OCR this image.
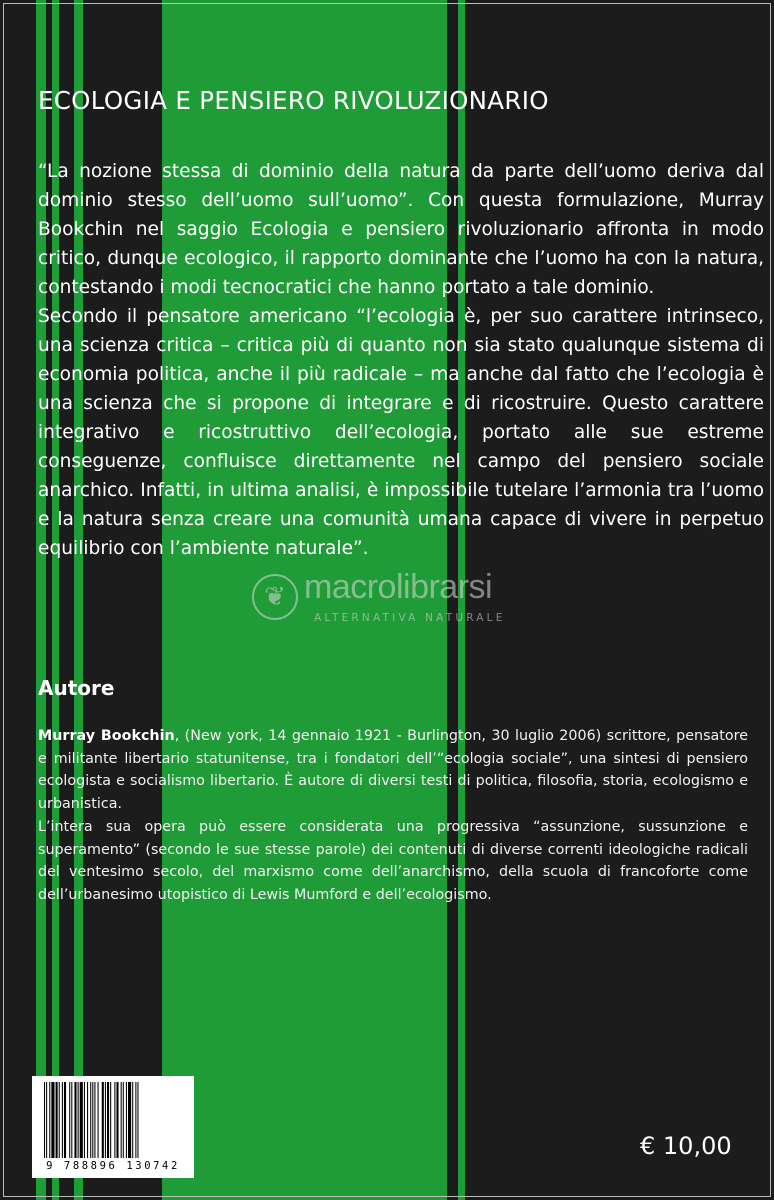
ECOLOGIA E PENSIERO RIVOLUZIONARIO

“La nozione stessa di dominio della natura da parte dell’uomo deriva dal dominio stesso dell’uomo sull’uomo”. Con questa formulazione, Murray Bookchin nel saggio Ecologia e pensiero rivoluzionario affronta in modo critico, dunque ecologico, il rapporto dominante che l’uomo ha con la natura, contestando i modi tecnocratici che hanno portato a tale dominio.

Secondo il pensatore americano “l’ecologia è, per suo carattere intrinseco, una scienza critica – critica più di quanto non sia stato qualunque sistema di economia politica, anche il più radicale – ma anche dal fatto che l’ecologia è una scienza che si propone di integrare e di ricostruire. Questo carattere integrativo e ricostruttivo dell’ecologia, portato alle sue estreme conseguenze, confluisce direttamente nel campo del pensiero sociale anarchico. Infatti, in ultima analisi, è impossibile tutelare l’armonia tra l’uomo e la natura senza creare una comunità umana capace di vivere in perpetuo equilibrio con l’ambiente naturale”.

❦ macrolibrarsi
ALTERNATIVA NATURALE
Autore

Murray Bookchin, (New york, 14 gennaio 1921 - Burlington, 30 luglio 2006) scrittore, pensatore e militante libertario statunitense, tra i fondatori dell’“ecologia sociale”, una sintesi di pensiero ecologista e socialismo libertario. È autore di diversi testi di politica, filosofia, storia, ecologismo e urbanistica.

L’intera sua opera può essere considerata una progressiva “assunzione, sussunzione e superamento” (secondo le sue stesse parole) dei contenuti di diverse correnti ideologiche radicali del ventesimo secolo, del marxismo come dell’anarchismo, della scuola di francoforte come dell’urbanesimo utopistico di Lewis Mumford e dell’ecologismo.

9 788896 130742
€ 10,00
